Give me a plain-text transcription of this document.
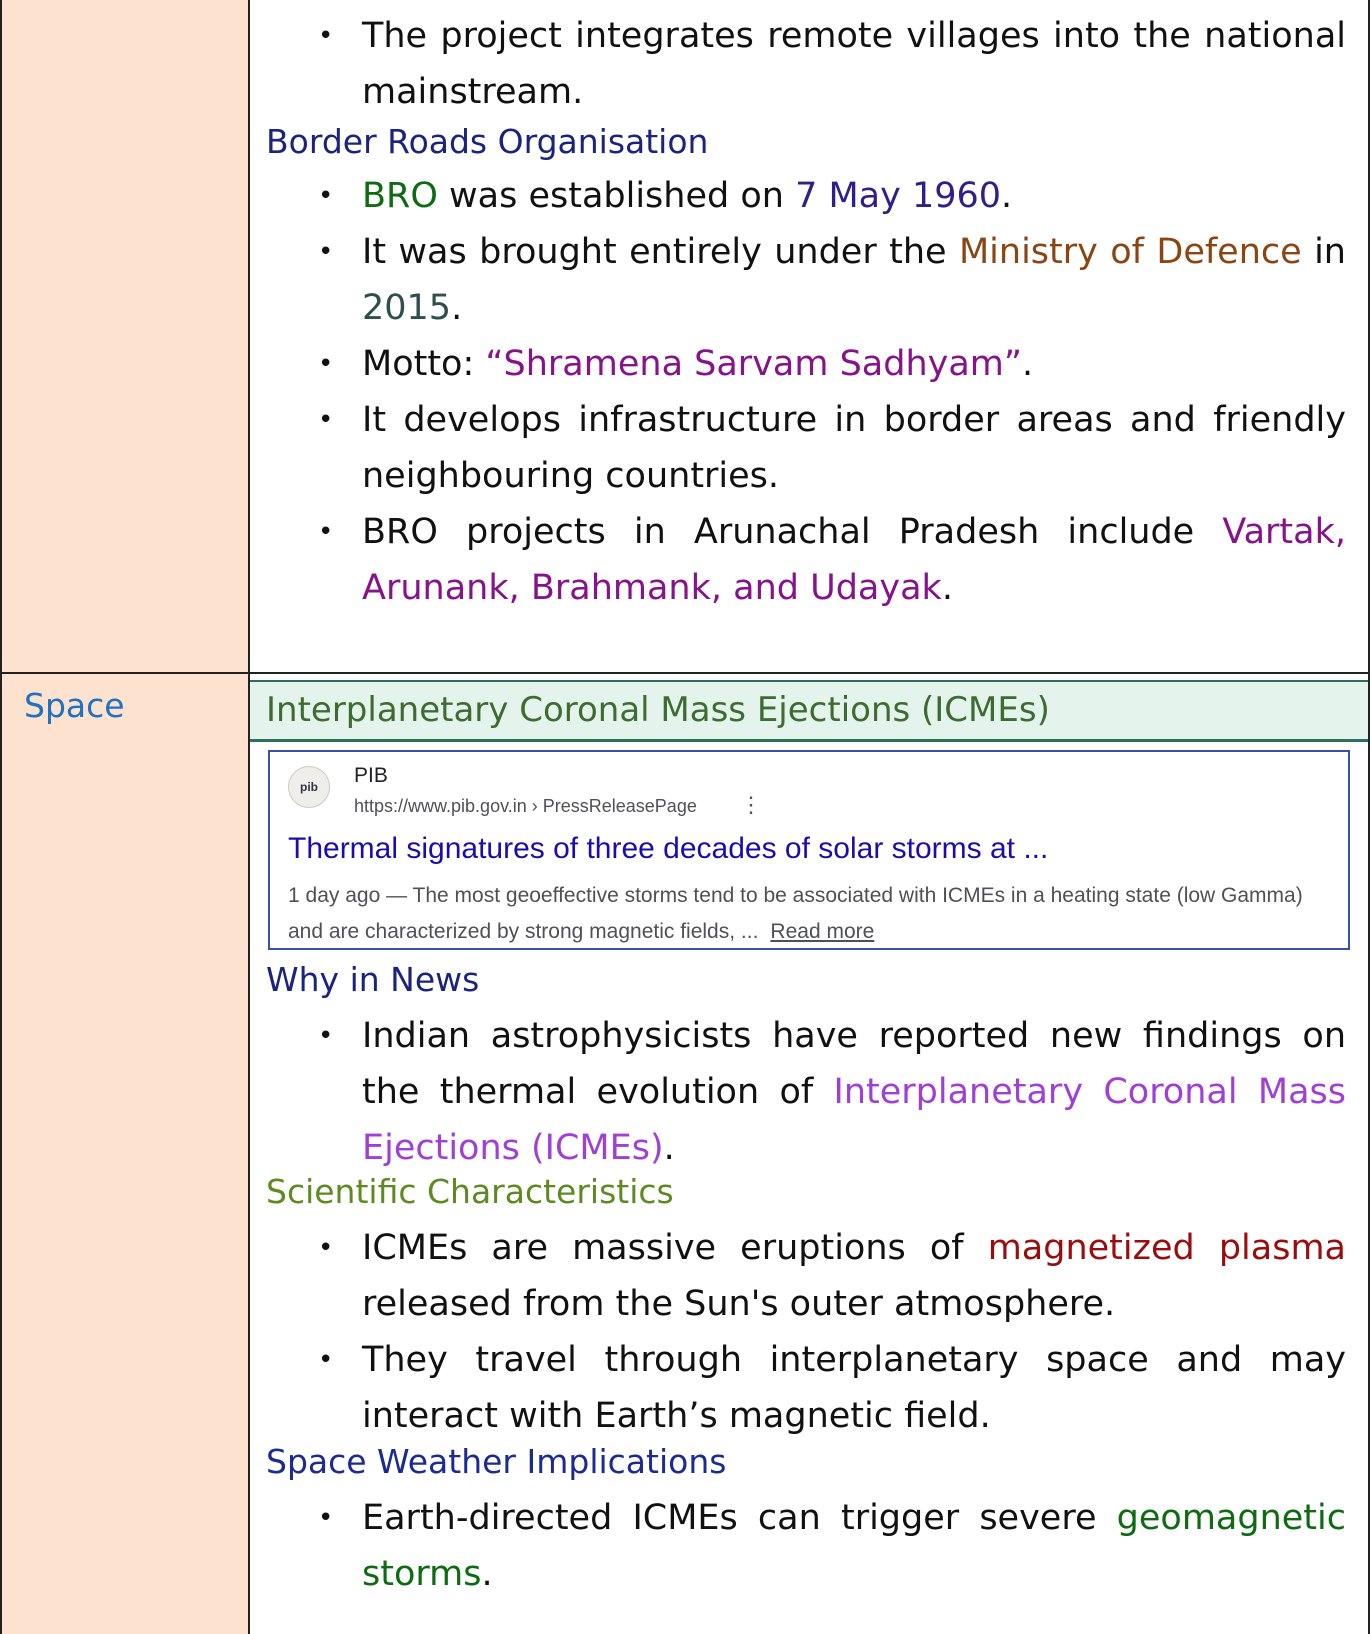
• The project integrates remote villages into the national mainstream.
Border Roads Organisation
• BRO was established on 7 May 1960.
• It was brought entirely under the Ministry of Defence in 2015.
• Motto: “Shramena Sarvam Sadhyam”.
• It develops infrastructure in border areas and friendly neighbouring countries.
• BRO projects in Arunachal Pradesh include Vartak, Arunank, Brahmank, and Udayak.
Space	Interplanetary Coronal Mass Ejections (ICMEs)
pib	PIB
https://www.pib.gov.in › PressReleasePage ⋮
Thermal signatures of three decades of solar storms at ...
1 day ago — The most geoeffective storms tend to be associated with ICMEs in a heating state (low Gamma) and are characterized by strong magnetic fields, ... Read more
Why in News
• Indian astrophysicists have reported new findings on the thermal evolution of Interplanetary Coronal Mass Ejections (ICMEs).
Scientific Characteristics
• ICMEs are massive eruptions of magnetized plasma released from the Sun's outer atmosphere.
• They travel through interplanetary space and may interact with Earth’s magnetic field.
Space Weather Implications
• Earth-directed ICMEs can trigger severe geomagnetic storms.
